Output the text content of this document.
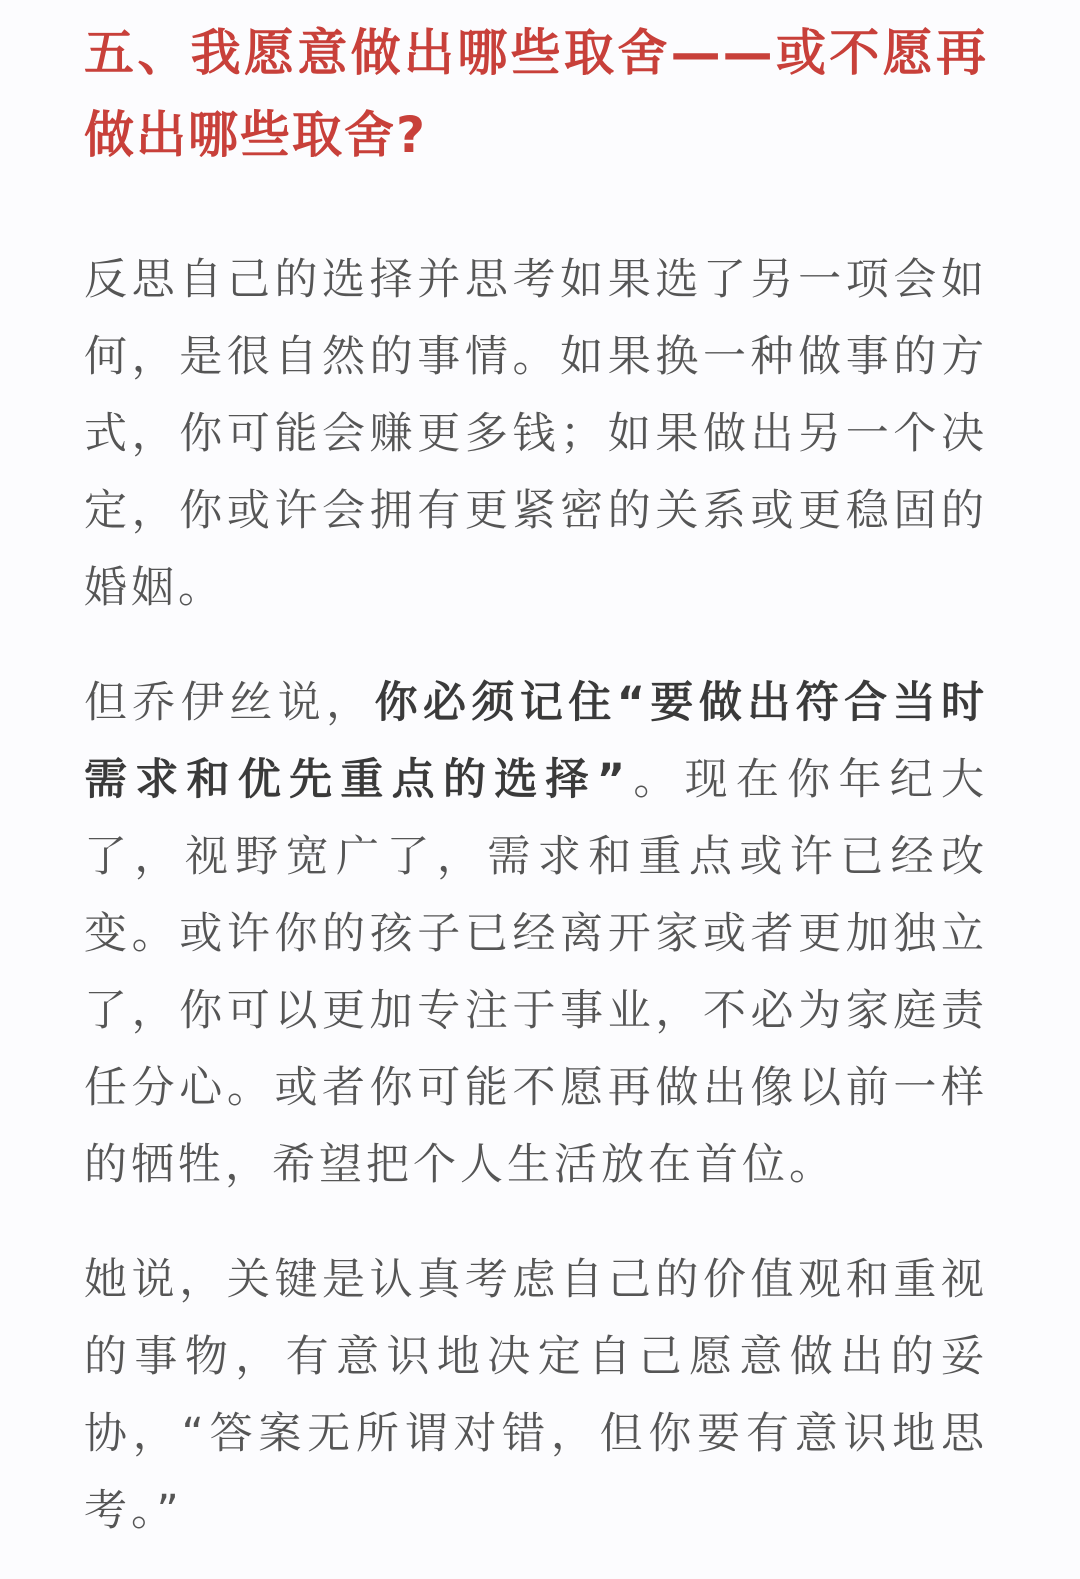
五、我愿意做出哪些取舍——或不愿再做出哪些取舍?

反思自己的选择并思考如果选了另一项会如何，是很自然的事情。如果换一种做事的方式，你可能会赚更多钱；如果做出另一个决定，你或许会拥有更紧密的关系或更稳固的婚姻。

但乔伊丝说，你必须记住“要做出符合当时需求和优先重点的选择”。现在你年纪大了，视野宽广了，需求和重点或许已经改变。或许你的孩子已经离开家或者更加独立了，你可以更加专注于事业，不必为家庭责任分心。或者你可能不愿再做出像以前一样的牺牲，希望把个人生活放在首位。

她说，关键是认真考虑自己的价值观和重视的事物，有意识地决定自己愿意做出的妥协，“答案无所谓对错，但你要有意识地思考。”
